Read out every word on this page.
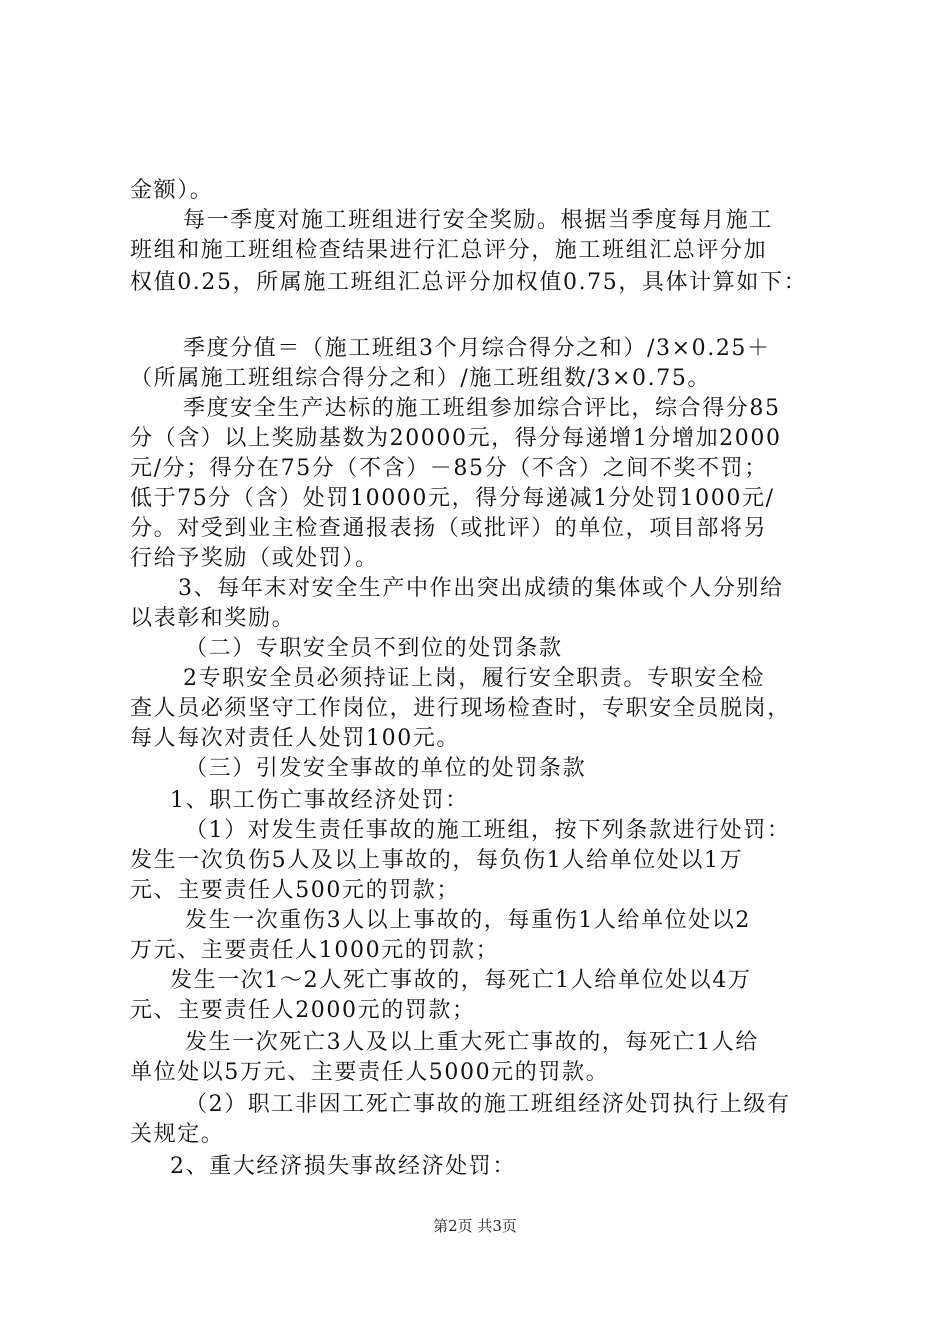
金额）。
每一季度对施工班组进行安全奖励。根据当季度每月施工
班组和施工班组检查结果进行汇总评分，施工班组汇总评分加
权值0.25，所属施工班组汇总评分加权值0.75，具体计算如下：
季度分值＝（施工班组3个月综合得分之和）/3×0.25＋
（所属施工班组综合得分之和）/施工班组数/3×0.75。
季度安全生产达标的施工班组参加综合评比，综合得分85
分（含）以上奖励基数为20000元，得分每递增1分增加2000
元/分；得分在75分（不含）－85分（不含）之间不奖不罚；
低于75分（含）处罚10000元，得分每递减1分处罚1000元/
分。对受到业主检查通报表扬（或批评）的单位，项目部将另
行给予奖励（或处罚）。
3、每年末对安全生产中作出突出成绩的集体或个人分别给
以表彰和奖励。
（二）专职安全员不到位的处罚条款
2专职安全员必须持证上岗，履行安全职责。专职安全检
查人员必须坚守工作岗位，进行现场检查时，专职安全员脱岗，
每人每次对责任人处罚100元。
（三）引发安全事故的单位的处罚条款
1、职工伤亡事故经济处罚：
（1）对发生责任事故的施工班组，按下列条款进行处罚：
发生一次负伤5人及以上事故的，每负伤1人给单位处以1万
元、主要责任人500元的罚款；
发生一次重伤3人以上事故的，每重伤1人给单位处以2
万元、主要责任人1000元的罚款；
发生一次1～2人死亡事故的，每死亡1人给单位处以4万
元、主要责任人2000元的罚款；
发生一次死亡3人及以上重大死亡事故的，每死亡1人给
单位处以5万元、主要责任人5000元的罚款。
（2）职工非因工死亡事故的施工班组经济处罚执行上级有
关规定。
2、重大经济损失事故经济处罚：
第2页 共3页
